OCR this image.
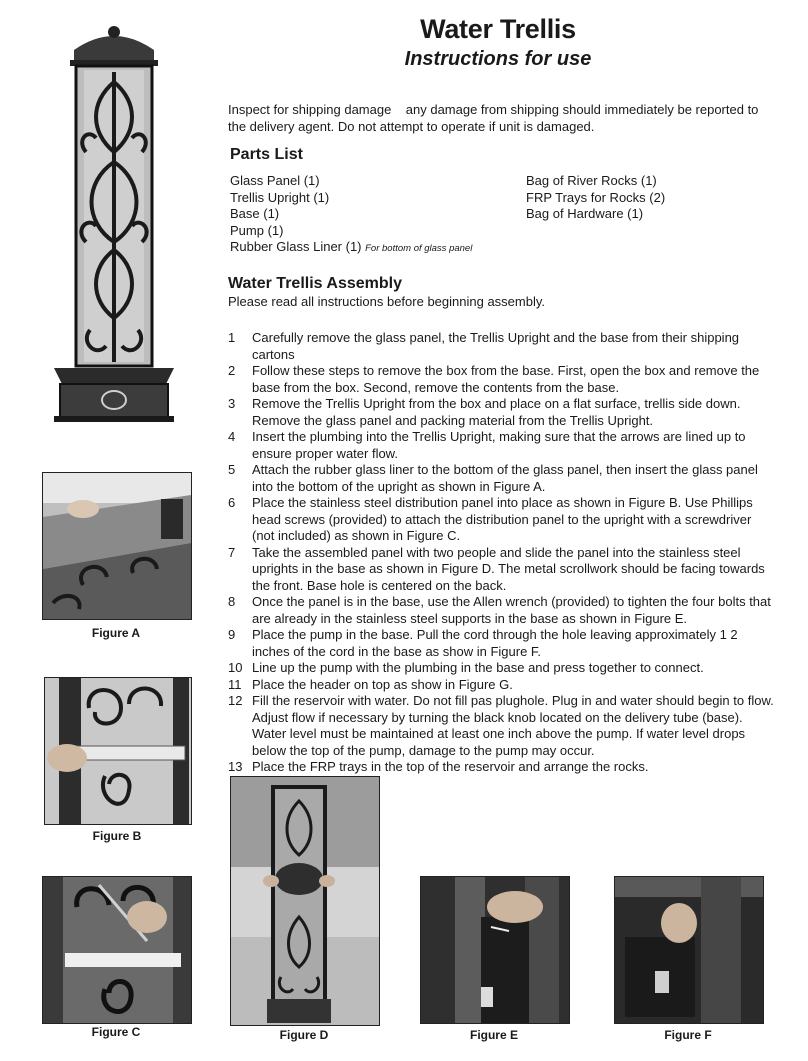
Water Trellis
Instructions for use
Inspect for shipping damage    any damage from shipping should immediately be reported to the delivery agent. Do not attempt to operate if unit is damaged.
Parts List
Glass Panel (1)
Trellis Upright (1)
Base (1)
Pump (1)
Rubber Glass Liner (1) For bottom of glass panel
Bag of River Rocks (1)
FRP Trays for Rocks (2)
Bag of Hardware (1)
Water Trellis Assembly
Please read all instructions before beginning assembly.
1	Carefully remove the glass panel, the Trellis Upright and the base from their shipping cartons
2	Follow these steps to remove the box from the base. First, open the box and remove the base from the box. Second, remove the contents from the base.
3	Remove the Trellis Upright from the box and place on a flat surface, trellis side down. Remove the glass panel and packing material from the Trellis Upright.
4	Insert the plumbing into the Trellis Upright, making sure that the arrows are lined up to ensure proper water flow.
5	Attach the rubber glass liner to the bottom of the glass panel, then insert the glass panel into the bottom of the upright as shown in Figure A.
6	Place the stainless steel distribution panel into place as shown in Figure B. Use Phillips head screws (provided) to attach the distribution panel to the upright with a screwdriver (not included) as shown in Figure C.
7	Take the assembled panel with two people and slide the panel into the stainless steel uprights in the base as shown in Figure D. The metal scrollwork should be facing towards the front. Base hole is centered on the back.
8	Once the panel is in the base, use the Allen wrench (provided) to tighten the four bolts that are already in the stainless steel supports in the base as shown in Figure E.
9	Place the pump in the base. Pull the cord through the hole leaving approximately 1 2 inches of the cord in the base as show in Figure F.
10 Line up the pump with the plumbing in the base and press together to connect.
11 Place the header on top as show in Figure G.
12 Fill the reservoir with water. Do not fill pas plughole. Plug in and water should begin to flow. Adjust flow if necessary by turning the black knob located on the delivery tube (base). Water level must be maintained at least one inch above the pump. If water level drops below the top of the pump, damage to the pump may occur.
13 Place the FRP trays in the top of the reservoir and arrange the rocks.
Figure A
Figure B
Figure C	Figure D	Figure E	Figure F
